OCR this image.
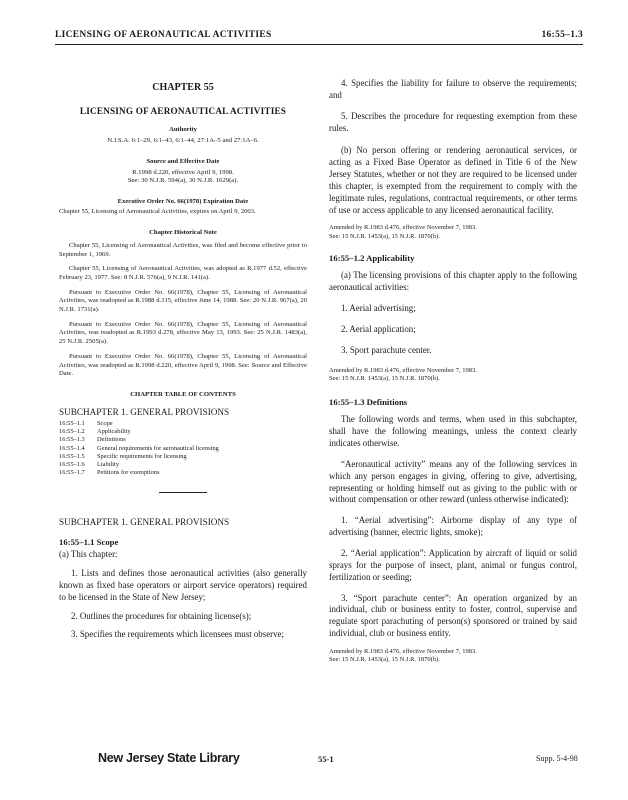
LICENSING OF AERONAUTICAL ACTIVITIES	16:55–1.3

CHAPTER 55

LICENSING OF AERONAUTICAL ACTIVITIES

Authority

N.J.S.A. 6:1–29, 6:1–43, 6:1–44, 27:1A–5 and 27:1A–6.

Source and Effective Date

R.1998 d.220, effective April 9, 1998.

See: 30 N.J.R. 594(a), 30 N.J.R. 1629(a).

Executive Order No. 66(1978) Expiration Date

Chapter 55, Licensing of Aeronautical Activities, expires on April 9, 2003.

Chapter Historical Note

Chapter 55, Licensing of Aeronautical Activities, was filed and become effective prior to September 1, 1969.

Chapter 55, Licensing of Aeronautical Activities, was adopted as R.1977 d.52, effective February 23, 1977. See: 8 N.J.R. 576(a), 9 N.J.R. 141(a).

Pursuant to Executive Order No. 66(1978), Chapter 55, Licensing of Aeronautical Activities, was readopted as R.1988 d.315, effective June 14, 1988. See: 20 N.J.R. 967(a), 20 N.J.R. 1731(a).

Pursuant to Executive Order No. 66(1978), Chapter 55, Licensing of Aeronautical Activities, was readopted as R.1993 d.278, effective May 13, 1993. See: 25 N.J.R. 1483(a), 25 N.J.R. 2505(a).

Pursuant to Executive Order No. 66(1978), Chapter 55, Licensing of Aeronautical Activities, was readopted as R.1998 d.220, effective April 9, 1998. See: Source and Effective Date.

CHAPTER TABLE OF CONTENTS

SUBCHAPTER 1. GENERAL PROVISIONS

16:55–1.1	Scope
16:55–1.2	Applicability
16:55–1.3	Definitions
16:55–1.4	General requirements for aeronautical licensing
16:55–1.5	Specific requirements for licensing
16:55–1.6	Liability
16:55–1.7	Petitions for exemptions

SUBCHAPTER 1. GENERAL PROVISIONS

16:55–1.1 Scope

(a) This chapter:

1. Lists and defines those aeronautical activities (also generally known as fixed base operators or airport service operators) required to be licensed in the State of New Jersey;

2. Outlines the procedures for obtaining license(s);

3. Specifies the requirements which licensees must observe;

4. Specifies the liability for failure to observe the requirements; and

5. Describes the procedure for requesting exemption from these rules.

(b) No person offering or rendering aeronautical services, or acting as a Fixed Base Operator as defined in Title 6 of the New Jersey Statutes, whether or not they are required to be licensed under this chapter, is exempted from the requirement to comply with the legitimate rules, regulations, contractual requirements, or other terms of use or access applicable to any licensed aeronautical facility.

Amended by R.1983 d.476, effective November 7, 1983.

See: 15 N.J.R. 1453(a), 15 N.J.R. 1870(b).

16:55–1.2 Applicability

(a) The licensing provisions of this chapter apply to the following aeronautical activities:

1. Aerial advertising;

2. Aerial application;

3. Sport parachute center.

Amended by R.1983 d.476, effective November 7, 1983.

See: 15 N.J.R. 1453(a), 15 N.J.R. 1870(b).

16:55–1.3 Definitions

The following words and terms, when used in this subchapter, shall have the following meanings, unless the context clearly indicates otherwise.

“Aeronautical activity” means any of the following services in which any person engages in giving, offering to give, advertising, representing or holding himself out as giving to the public with or without compensation or other reward (unless otherwise indicated):

1. “Aerial advertising”: Airborne display of any type of advertising (banner, electric lights, smoke);

2. “Aerial application”: Application by aircraft of liquid or solid sprays for the purpose of insect, plant, animal or fungus control, fertilization or seeding;

3. “Sport parachute center”: An operation organized by an individual, club or business entity to foster, control, supervise and regulate sport parachuting of person(s) sponsored or trained by said individual, club or business entity.

Amended by R.1983 d.476, effective November 7, 1983.

See: 15 N.J.R. 1453(a), 15 N.J.R. 1870(b).

New Jersey State Library	55-1	Supp. 5-4-98
